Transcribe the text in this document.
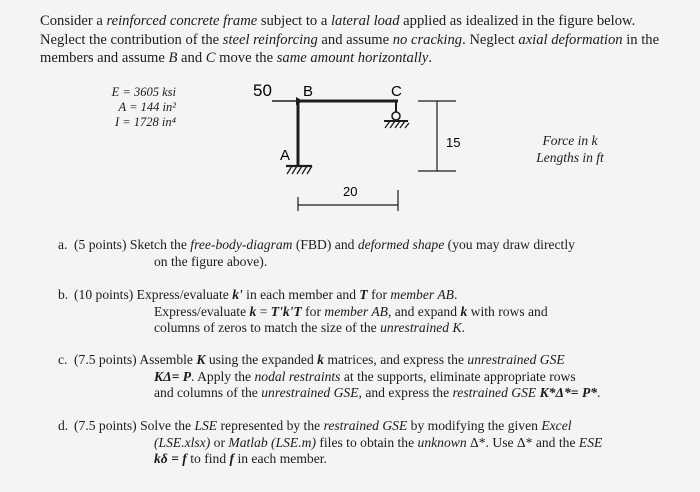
Consider a reinforced concrete frame subject to a lateral load applied as idealized in the figure below. Neglect the contribution of the steel reinforcing and assume no cracking. Neglect axial deformation in the members and assume B and C move the same amount horizontally.

E = 3605 ksi
A = 144 in²
I = 1728 in⁴
50 B	C
A
15
20
Force in k
Lengths in ft
a. (5 points) Sketch the free-body-diagram (FBD) and deformed shape (you may draw directly
on the figure above).
b. (10 points) Express/evaluate k' in each member and T for member AB.
Express/evaluate k = T'k'T for member AB, and expand k with rows and
columns of zeros to match the size of the unrestrained K.
c. (7.5 points) Assemble K using the expanded k matrices, and express the unrestrained GSE
KΔ= P. Apply the nodal restraints at the supports, eliminate appropriate rows
and columns of the unrestrained GSE, and express the restrained GSE K*Δ*= P*.
d. (7.5 points) Solve the LSE represented by the restrained GSE by modifying the given Excel
(LSE.xlsx) or Matlab (LSE.m) files to obtain the unknown Δ*. Use Δ* and the ESE
kδ = f to find f in each member.
